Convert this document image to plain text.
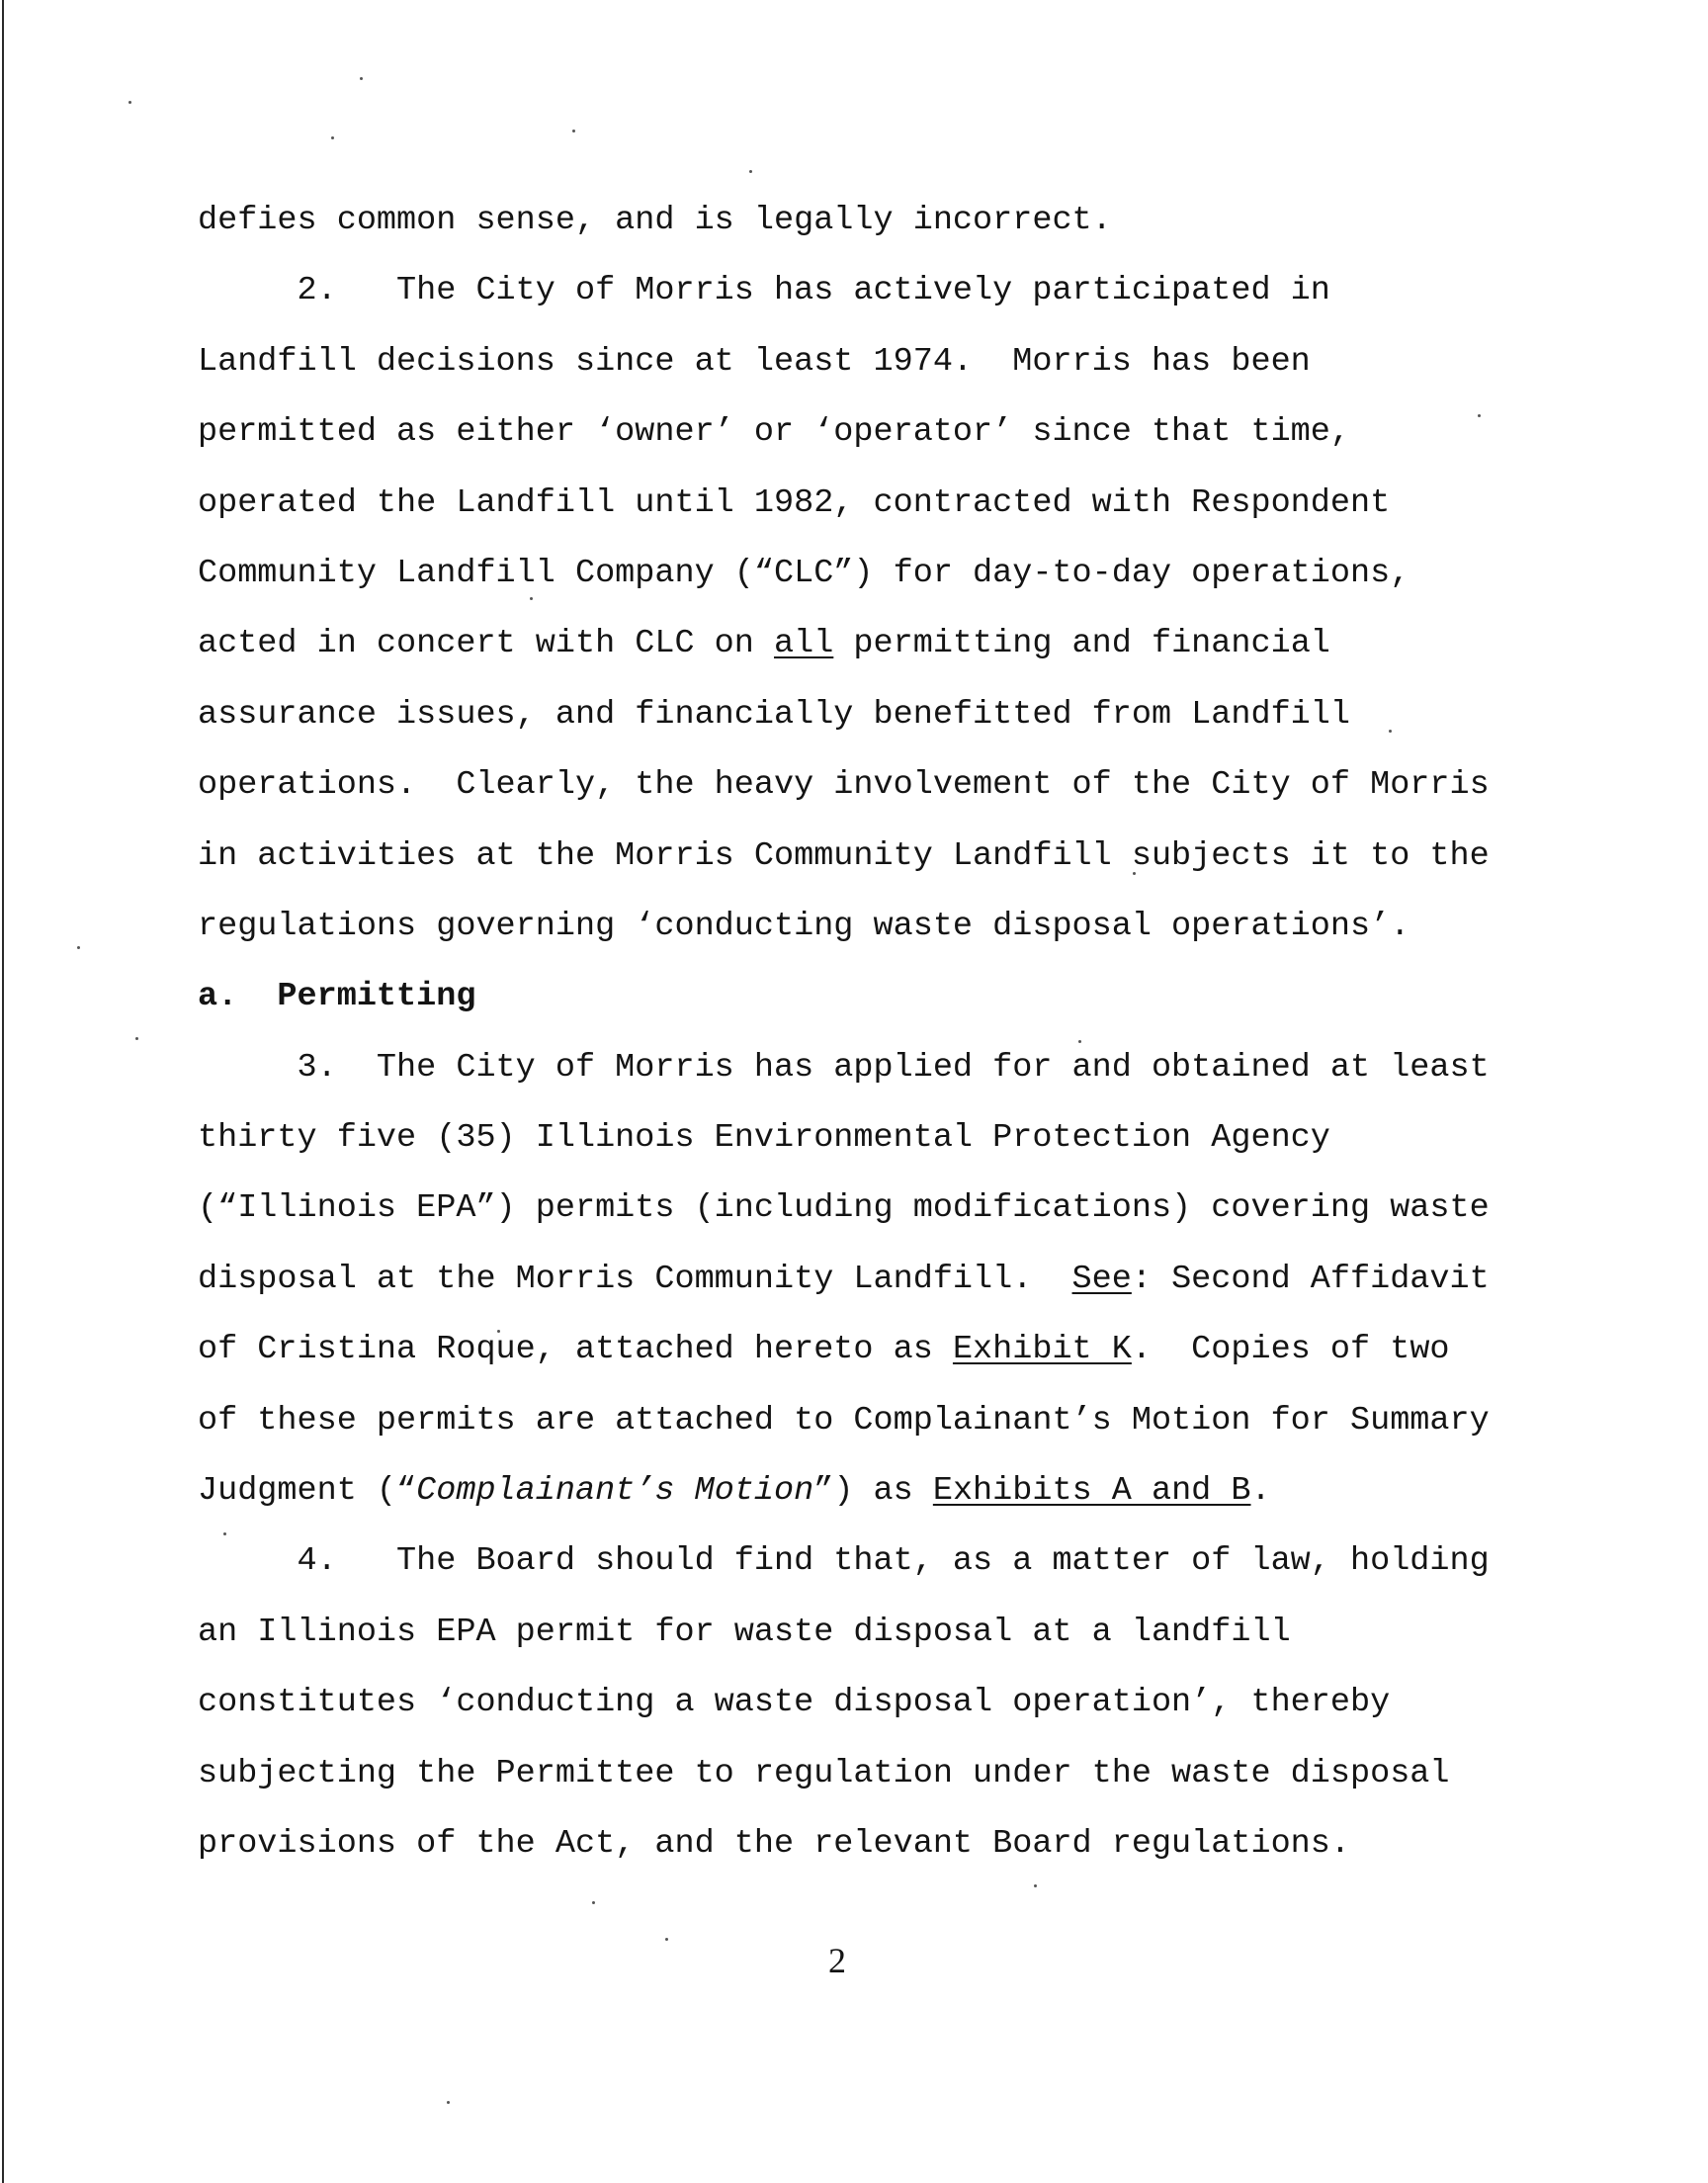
defies common sense, and is legally incorrect.
2.   The City of Morris has actively participated in
Landfill decisions since at least 1974.  Morris has been
permitted as either ‘owner’ or ‘operator’ since that time,
operated the Landfill until 1982, contracted with Respondent
Community Landfill Company (“CLC”) for day-to-day operations,
acted in concert with CLC on all permitting and financial
assurance issues, and financially benefitted from Landfill
operations.  Clearly, the heavy involvement of the City of Morris
in activities at the Morris Community Landfill subjects it to the
regulations governing ‘conducting waste disposal operations’.
a.  Permitting
3.  The City of Morris has applied for and obtained at least
thirty five (35) Illinois Environmental Protection Agency
(“Illinois EPA”) permits (including modifications) covering waste
disposal at the Morris Community Landfill.  See: Second Affidavit
of Cristina Roque, attached hereto as Exhibit K.  Copies of two
of these permits are attached to Complainant’s Motion for Summary
Judgment (“Complainant’s Motion”) as Exhibits A and B.
4.   The Board should find that, as a matter of law, holding
an Illinois EPA permit for waste disposal at a landfill
constitutes ‘conducting a waste disposal operation’, thereby
subjecting the Permittee to regulation under the waste disposal
provisions of the Act, and the relevant Board regulations.
2
